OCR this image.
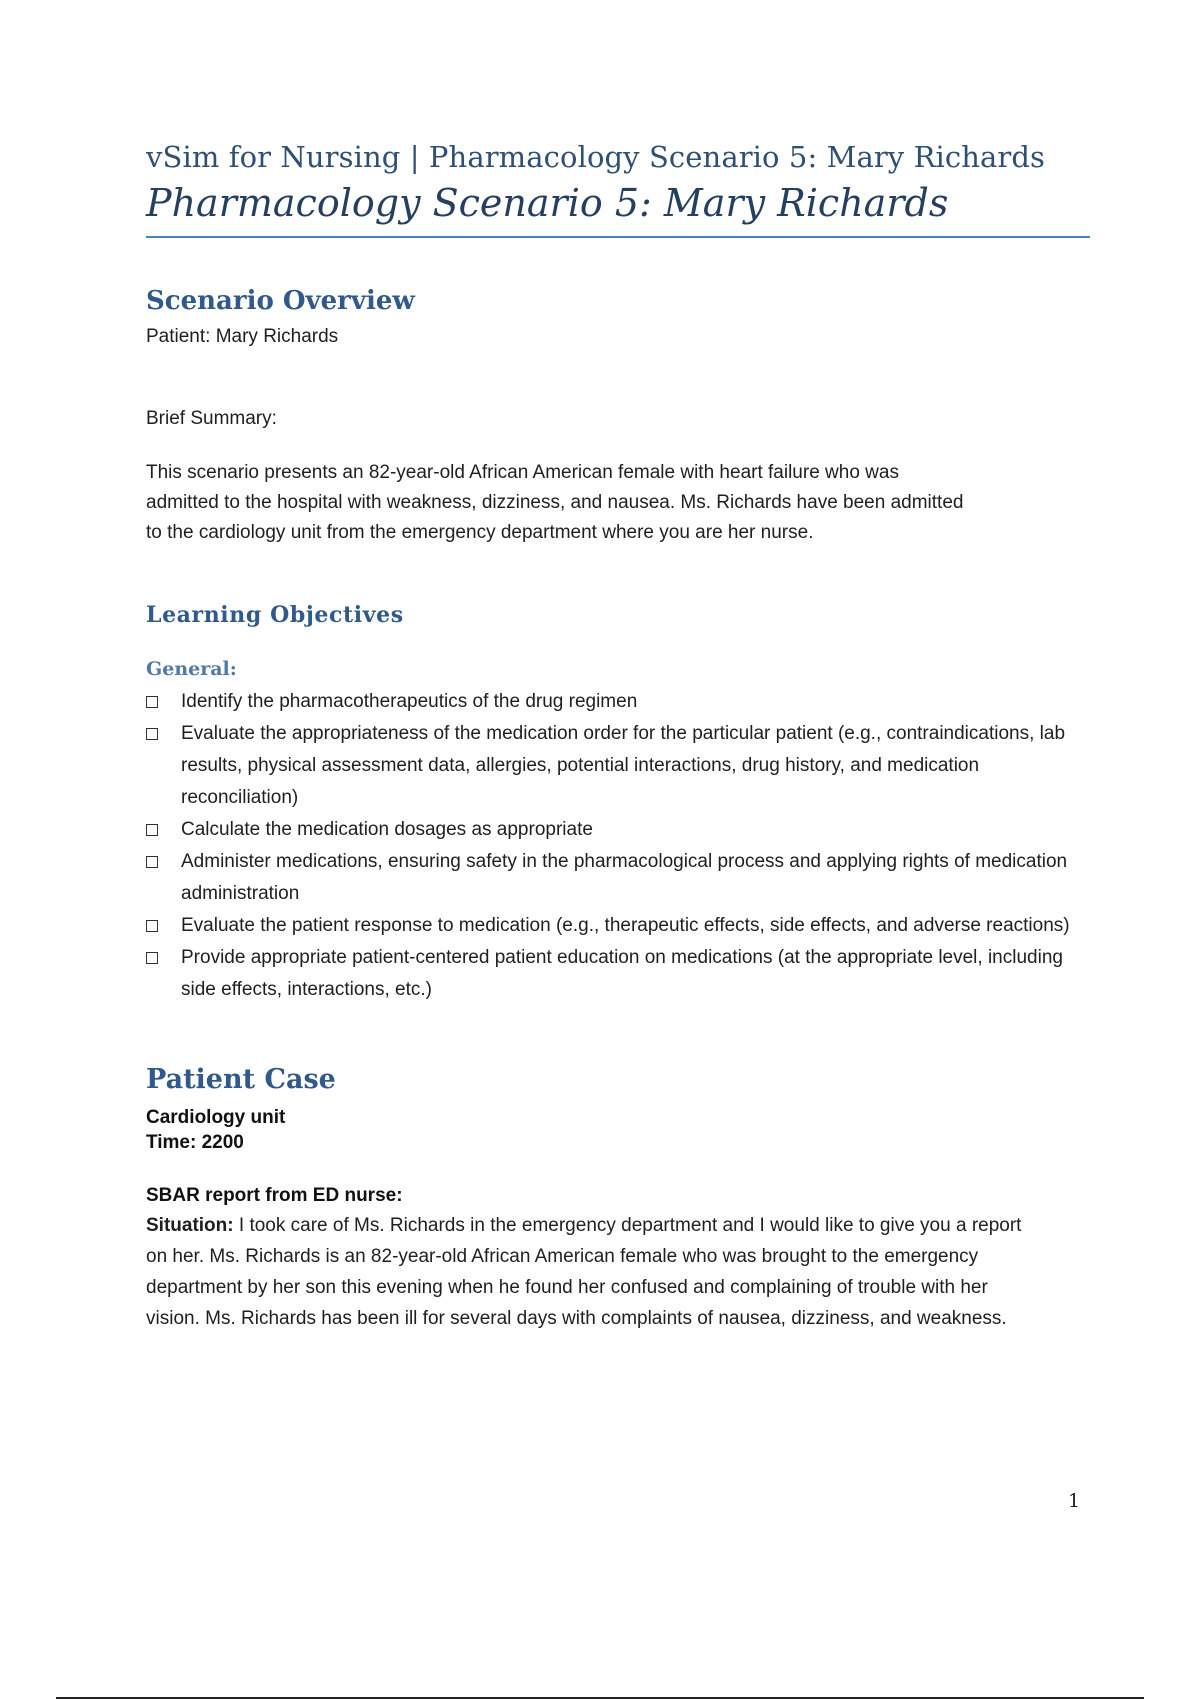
vSim for Nursing | Pharmacology Scenario 5: Mary Richards

Pharmacology Scenario 5: Mary Richards

Scenario Overview

Patient: Mary Richards

Brief Summary:

This scenario presents an 82-year-old African American female with heart failure who was
admitted to the hospital with weakness, dizziness, and nausea. Ms. Richards have been admitted
to the cardiology unit from the emergency department where you are her nurse.

Learning Objectives

General:

Identify the pharmacotherapeutics of the drug regimen
Evaluate the appropriateness of the medication order for the particular patient (e.g., contraindications, lab results, physical assessment data, allergies, potential interactions, drug history, and medication reconciliation)
Calculate the medication dosages as appropriate
Administer medications, ensuring safety in the pharmacological process and applying rights of medication administration
Evaluate the patient response to medication (e.g., therapeutic effects, side effects, and adverse reactions)
Provide appropriate patient-centered patient education on medications (at the appropriate level, including side effects, interactions, etc.)
Patient Case

Cardiology unit

Time: 2200

SBAR report from ED nurse:

Situation: I took care of Ms. Richards in the emergency department and I would like to give you a report on her. Ms. Richards is an 82-year-old African American female who was brought to the emergency department by her son this evening when he found her confused and complaining of trouble with her vision. Ms. Richards has been ill for several days with complaints of nausea, dizziness, and weakness.

1
